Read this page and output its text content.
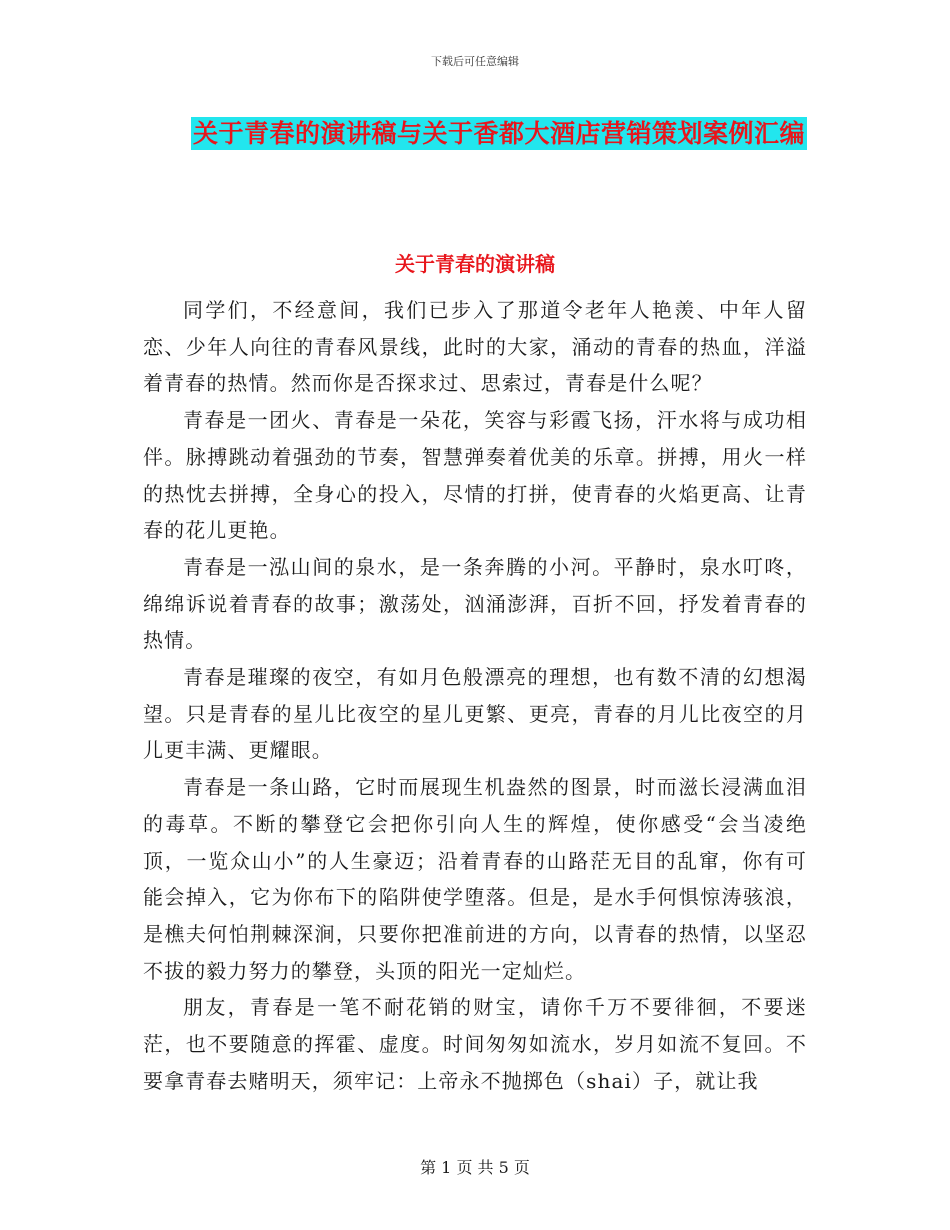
下载后可任意编辑
关于青春的演讲稿与关于香都大酒店营销策划案例汇编
关于青春的演讲稿

同学们，不经意间，我们已步入了那道令老年人艳羡、中年人留恋、少年人向往的青春风景线，此时的大家，涌动的青春的热血，洋溢着青春的热情。然而你是否探求过、思索过，青春是什么呢？

青春是一团火、青春是一朵花，笑容与彩霞飞扬，汗水将与成功相伴。脉搏跳动着强劲的节奏，智慧弹奏着优美的乐章。拼搏，用火一样的热忱去拼搏，全身心的投入，尽情的打拼，使青春的火焰更高、让青春的花儿更艳。

青春是一泓山间的泉水，是一条奔腾的小河。平静时，泉水叮咚，绵绵诉说着青春的故事；激荡处，汹涌澎湃，百折不回，抒发着青春的热情。

青春是璀璨的夜空，有如月色般漂亮的理想，也有数不清的幻想渴望。只是青春的星儿比夜空的星儿更繁、更亮，青春的月儿比夜空的月儿更丰满、更耀眼。

青春是一条山路，它时而展现生机盎然的图景，时而滋长浸满血泪的毒草。不断的攀登它会把你引向人生的辉煌，使你感受“会当凌绝顶，一览众山小”的人生豪迈；沿着青春的山路茫无目的乱窜，你有可能会掉入，它为你布下的陷阱使学堕落。但是，是水手何惧惊涛骇浪，是樵夫何怕荆棘深涧，只要你把准前进的方向，以青春的热情，以坚忍不拔的毅力努力的攀登，头顶的阳光一定灿烂。

朋友，青春是一笔不耐花销的财宝，请你千万不要徘徊，不要迷茫，也不要随意的挥霍、虚度。时间匆匆如流水，岁月如流不复回。不要拿青春去赌明天，须牢记：上帝永不抛掷色（shai）子，就让我

第 1 页 共 5 页
